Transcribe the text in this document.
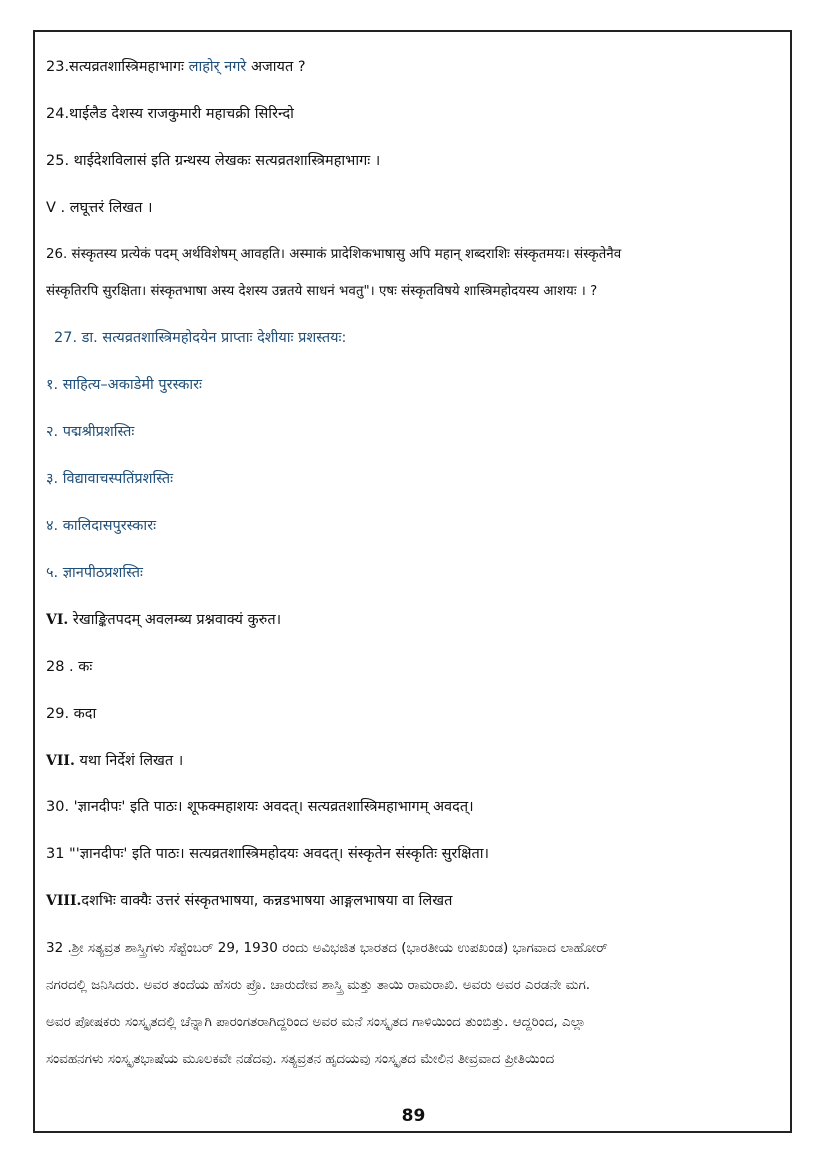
23.सत्यव्रतशास्त्रिमहाभागः लाहोर् नगरे अजायत ?
24.थाईलैड देशस्य राजकुमारी महाचक्री सिरिन्दो
25. थाईदेशविलासं इति ग्रन्थस्य लेखकः सत्यव्रतशास्त्रिमहाभागः ।
V . लघूत्तरं लिखत ।
26. संस्कृतस्य प्रत्येकं पदम् अर्थविशेषम् आवहति। अस्माकं प्रादेशिकभाषासु अपि महान् शब्दराशिः संस्कृतमयः। संस्कृतेनैव
संस्कृतिरपि सुरक्षिता। संस्कृतभाषा अस्य देशस्य उन्नतये साधनं भवतु"। एषः संस्कृतविषये शास्त्रिमहोदयस्य आशयः । ?
27. डा. सत्यव्रतशास्त्रिमहोदयेन प्राप्ताः देशीयाः प्रशस्तयः:
१. साहित्य–अकाडेमी पुरस्कारः
२. पद्मश्रीप्रशस्तिः
३. विद्यावाचस्पतिंप्रशस्तिः
४. कालिदासपुरस्कारः
५. ज्ञानपीठप्रशस्तिः
VI. रेखाङ्कितपदम् अवलम्ब्य प्रश्नवाक्यं कुरुत।
28 . कः
29. कदा
VII. यथा निर्देशं लिखत ।
30. 'ज्ञानदीपः' इति पाठः। शूफक्महाशयः अवदत्। सत्यव्रतशास्त्रिमहाभागम् अवदत्।
31 "'ज्ञानदीपः' इति पाठः। सत्यव्रतशास्त्रिमहोदयः अवदत्। संस्कृतेन संस्कृतिः सुरक्षिता।
VIII.दशभिः वाक्यैः उत्तरं संस्कृतभाषया, कन्नडभाषया आङ्गलभाषया वा लिखत
32 .ಶ್ರೀ ಸತ್ಯವ್ರತ ಶಾಸ್ತ್ರಿಗಳು ಸೆಪ್ಟೆಂಬರ್ 29, 1930 ರಂದು ಅವಿಭಜಿತ ಭಾರತದ (ಭಾರತೀಯ ಉಪಖಂಡ) ಭಾಗವಾದ ಲಾಹೋರ್
ನಗರದಲ್ಲಿ ಜನಿಸಿದರು. ಅವರ ತಂದೆಯ ಹೆಸರು ಪ್ರೊ. ಚಾರುದೇವ ಶಾಸ್ತ್ರಿ ಮತ್ತು ತಾಯಿ ರಾಮರಾಖಿ. ಅವರು ಅವರ ಎರಡನೇ ಮಗ.
ಅವರ ಪೋಷಕರು ಸಂಸ್ಕೃತದಲ್ಲಿ ಚೆನ್ನಾಗಿ ಪಾರಂಗತರಾಗಿದ್ದರಿಂದ ಅವರ ಮನೆ ಸಂಸ್ಕೃತದ ಗಾಳಿಯಿಂದ ತುಂಬಿತ್ತು. ಆದ್ದರಿಂದ, ಎಲ್ಲಾ
ಸಂವಹನಗಳು ಸಂಸ್ಕೃತಭಾಷೆಯ ಮೂಲಕವೇ ನಡೆದವು. ಸತ್ಯವ್ರತನ ಹೃದಯವು ಸಂಸ್ಕೃತದ ಮೇಲಿನ ತೀವ್ರವಾದ ಪ್ರೀತಿಯಿಂದ
89
